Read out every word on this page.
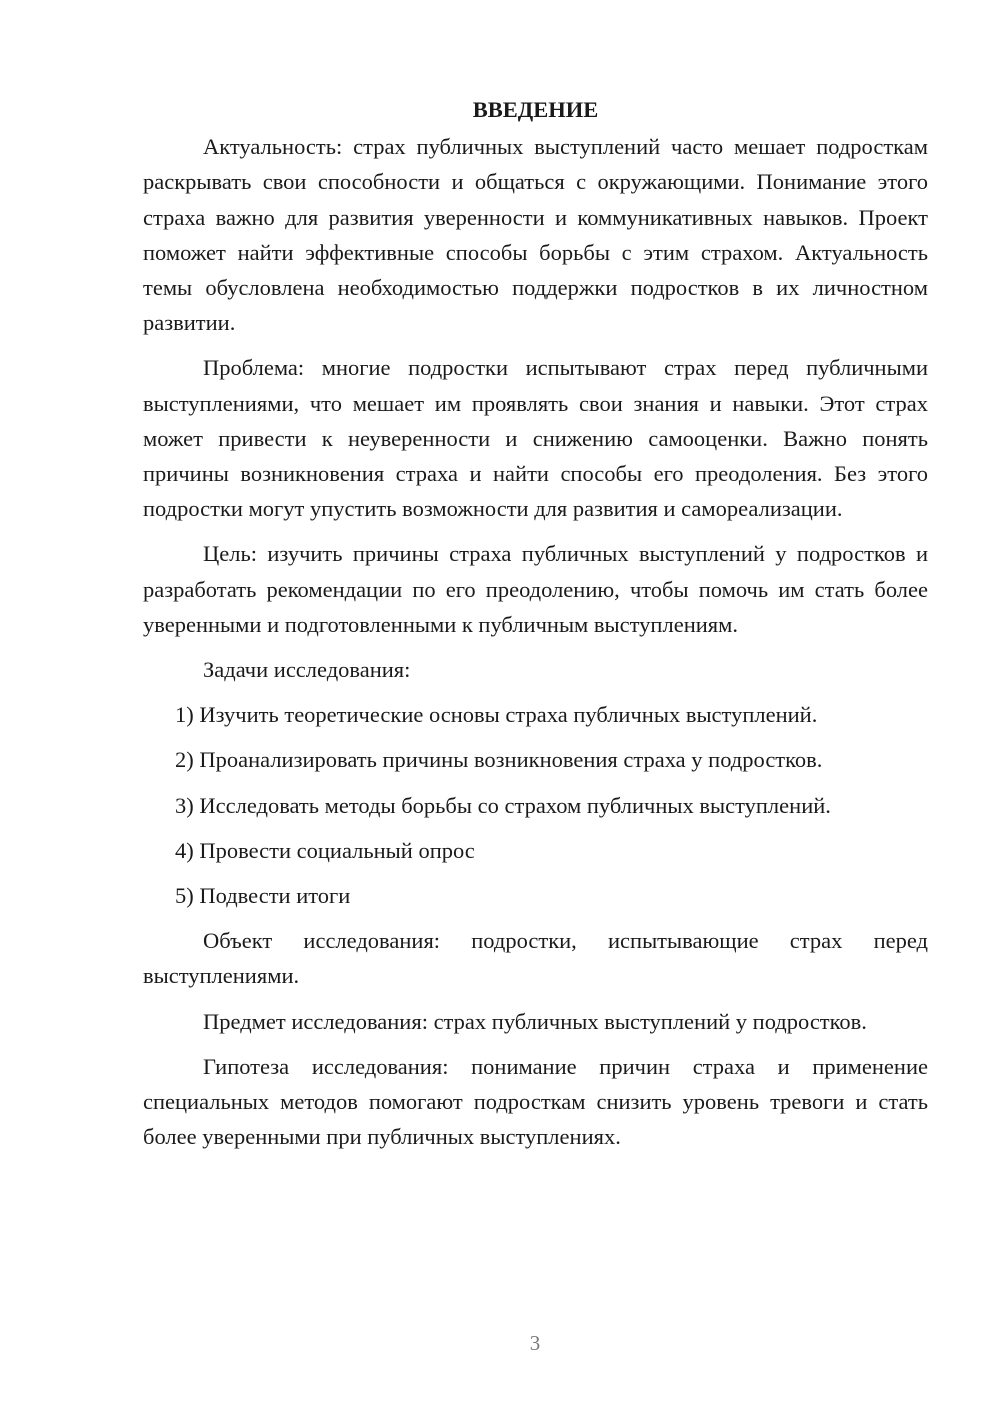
ВВЕДЕНИЕ

Актуальность: страх публичных выступлений часто мешает подросткам раскрывать свои способности и общаться с окружающими. Понимание этого страха важно для развития уверенности и коммуникативных навыков. Проект поможет найти эффективные способы борьбы с этим страхом. Актуальность темы обусловлена необходимостью поддержки подростков в их личностном развитии.

Проблема: многие подростки испытывают страх перед публичными выступлениями, что мешает им проявлять свои знания и навыки. Этот страх может привести к неуверенности и снижению самооценки. Важно понять причины возникновения страха и найти способы его преодоления. Без этого подростки могут упустить возможности для развития и самореализации.

Цель: изучить причины страха публичных выступлений у подростков и разработать рекомендации по его преодолению, чтобы помочь им стать более уверенными и подготовленными к публичным выступлениям.

Задачи исследования:

1) Изучить теоретические основы страха публичных выступлений.
2) Проанализировать причины возникновения страха у подростков.
3) Исследовать методы борьбы со страхом публичных выступлений.
4) Провести социальный опрос
5) Подвести итоги

Объект исследования: подростки, испытывающие страх перед выступлениями.

Предмет исследования: страх публичных выступлений у подростков.

Гипотеза исследования: понимание причин страха и применение специальных методов помогают подросткам снизить уровень тревоги и стать более уверенными при публичных выступлениях.

3
